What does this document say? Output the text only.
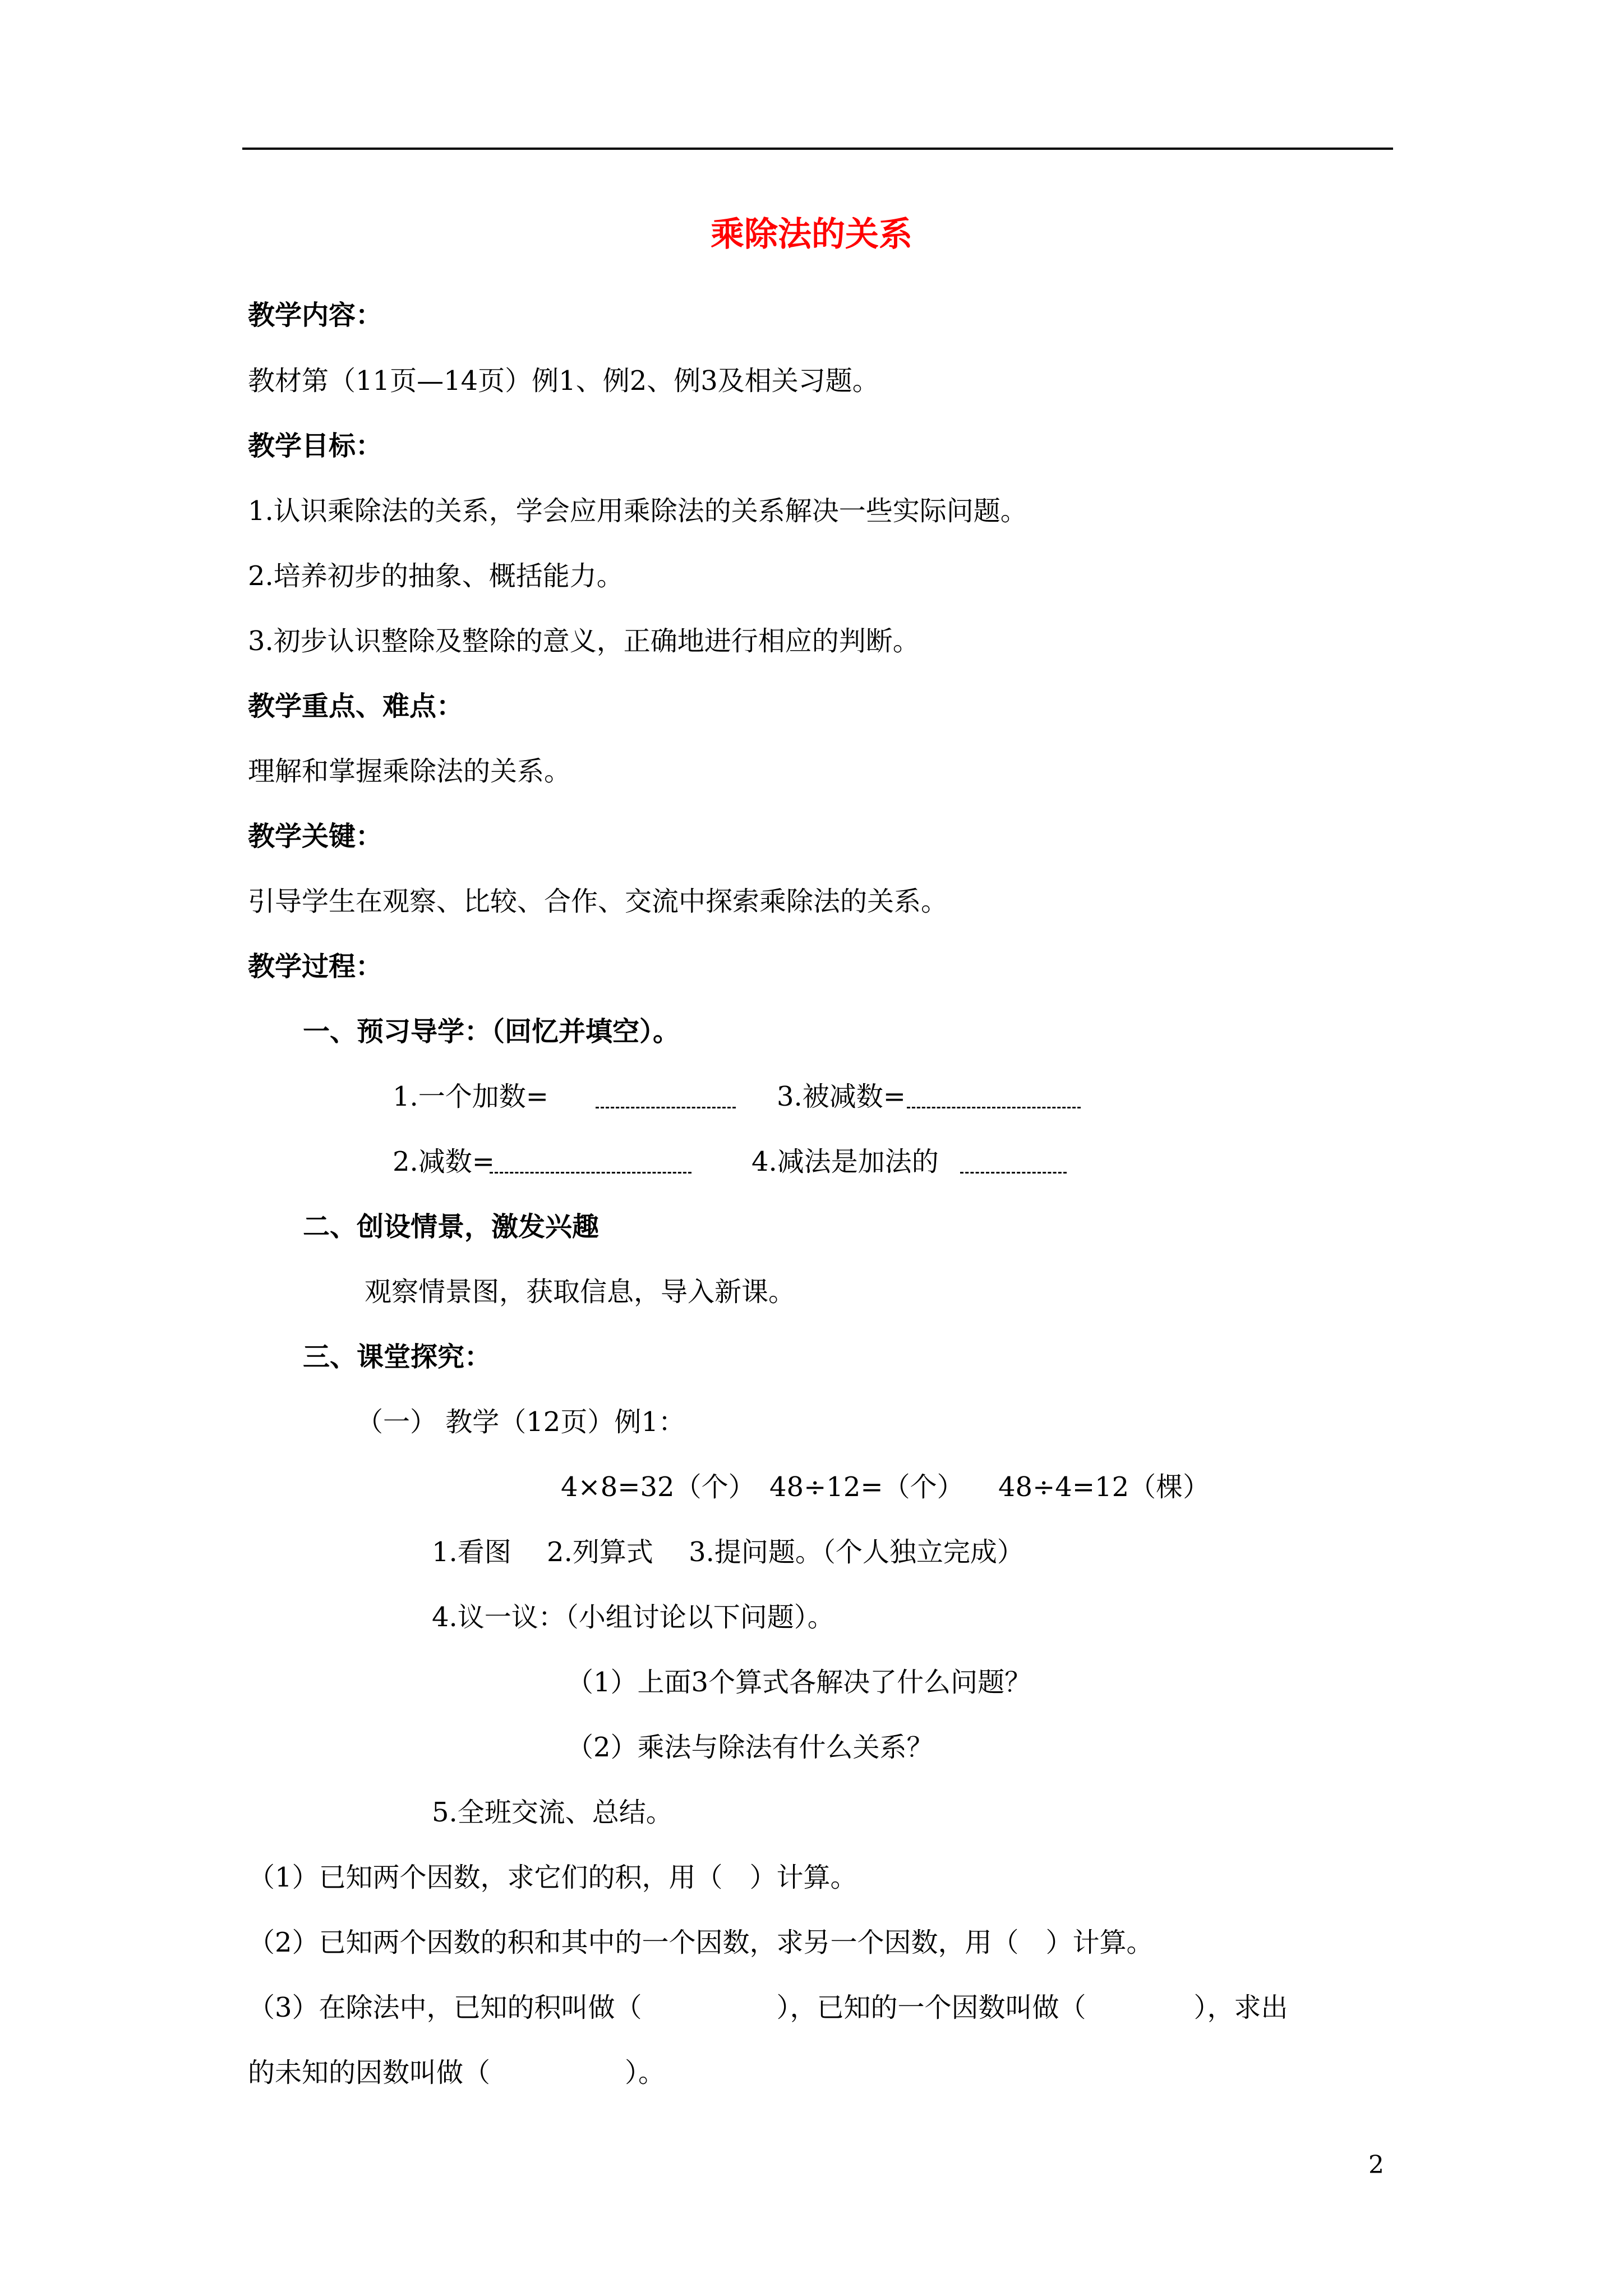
乘除法的关系
教学内容：
教材第（11页—14页）例1、例2、例3及相关习题。
教学目标：
1.认识乘除法的关系，学会应用乘除法的关系解决一些实际问题。
2.培养初步的抽象、概括能力。
3.初步认识整除及整除的意义，正确地进行相应的判断。
教学重点、难点：
理解和掌握乘除法的关系。
教学关键：
引导学生在观察、比较、合作、交流中探索乘除法的关系。
教学过程：
一、预习导学：（回忆并填空）。
1.一个加数=	3.被减数=
2.减数=	4.减法是加法的
二、创设情景，激发兴趣
观察情景图，获取信息，导入新课。
三、课堂探究：
（一） 教学（12页）例1：
4×8=32（个） 48÷12=（个） 48÷4=12（棵）
1.看图　 2.列算式　 3.提问题。（个人独立完成）
4.议一议：（小组讨论以下问题）。
（1）上面3个算式各解决了什么问题？
（2）乘法与除法有什么关系？
5.全班交流、总结。
（1）已知两个因数，求它们的积，用（　）计算。
（2）已知两个因数的积和其中的一个因数，求另一个因数，用（　）计算。
（3）在除法中，已知的积叫做（　　　　　），已知的一个因数叫做（　　　　），求出
的未知的因数叫做（　　　　　）。
2
